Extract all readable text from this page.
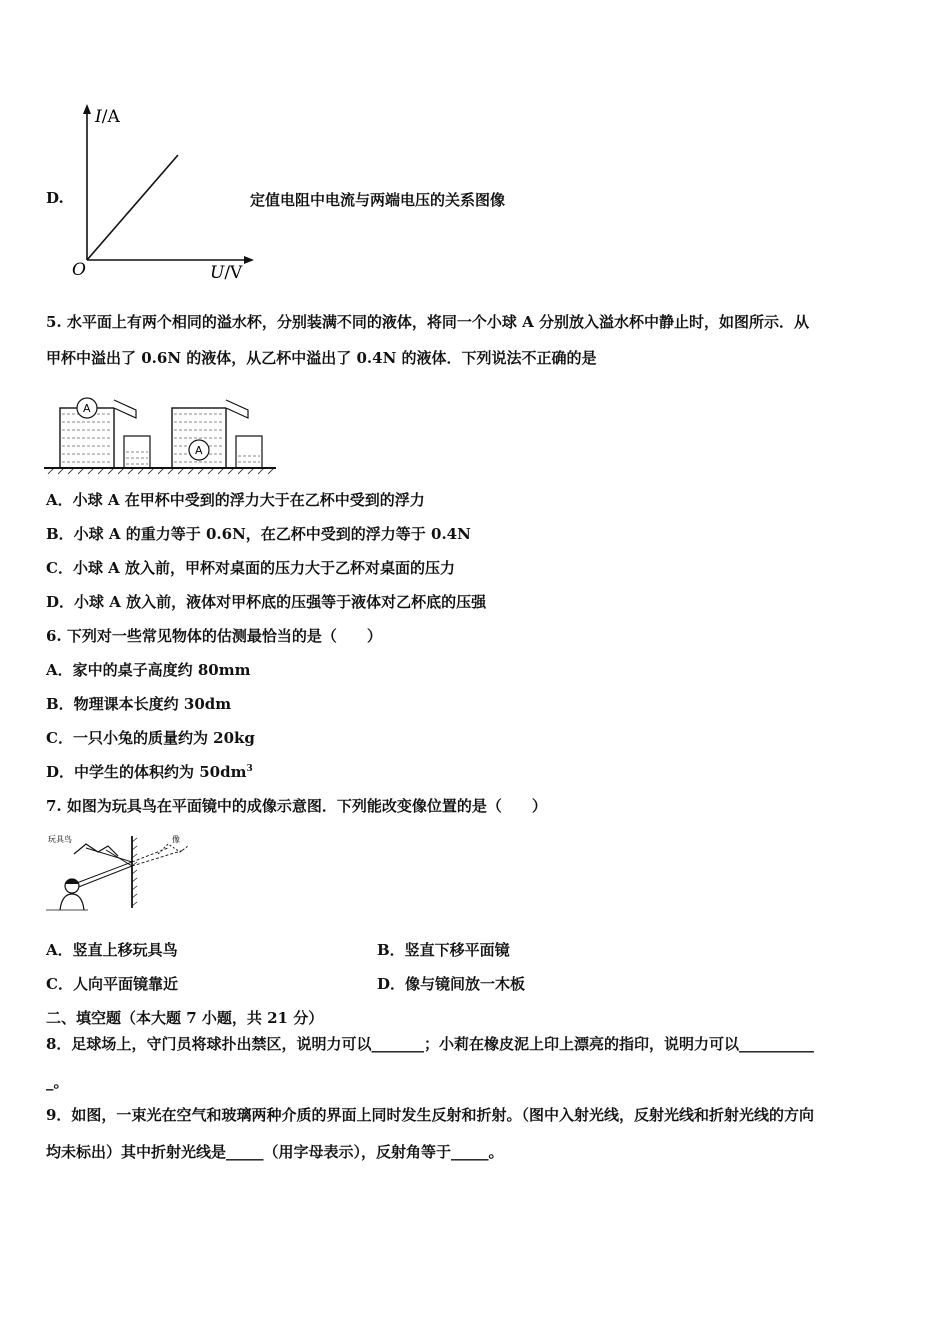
D.
I/A
O	U/V
定值电阻中电流与两端电压的关系图像
5. 水平面上有两个相同的溢水杯，分别装满不同的液体，将同一个小球 A 分别放入溢水杯中静止时，如图所示．从
甲杯中溢出了 0.6N 的液体，从乙杯中溢出了 0.4N 的液体．下列说法不正确的是
A
A
A．小球 A 在甲杯中受到的浮力大于在乙杯中受到的浮力
B．小球 A 的重力等于 0.6N，在乙杯中受到的浮力等于 0.4N
C．小球 A 放入前，甲杯对桌面的压力大于乙杯对桌面的压力
D．小球 A 放入前，液体对甲杯底的压强等于液体对乙杯底的压强
6. 下列对一些常见物体的估测最恰当的是（　　）
A．家中的桌子高度约 80mm
B．物理课本长度约 30dm
C．一只小兔的质量约为 20kg
D．中学生的体积约为 $50dm^3$
7. 如图为玩具鸟在平面镜中的成像示意图．下列能改变像位置的是（　　）
玩具鸟	像
A．竖直上移玩具鸟	B．竖直下移平面镜
C．人向平面镜靠近	D．像与镜间放一木板
二、填空题（本大题 7 小题，共 21 分）
8．足球场上，守门员将球扑出禁区，说明力可以_______；小莉在橡皮泥上印上漂亮的指印，说明力可以__________
_。
9．如图，一束光在空气和玻璃两种介质的界面上同时发生反射和折射。（图中入射光线，反射光线和折射光线的方向
均未标出）其中折射光线是_____（用字母表示），反射角等于_____。
